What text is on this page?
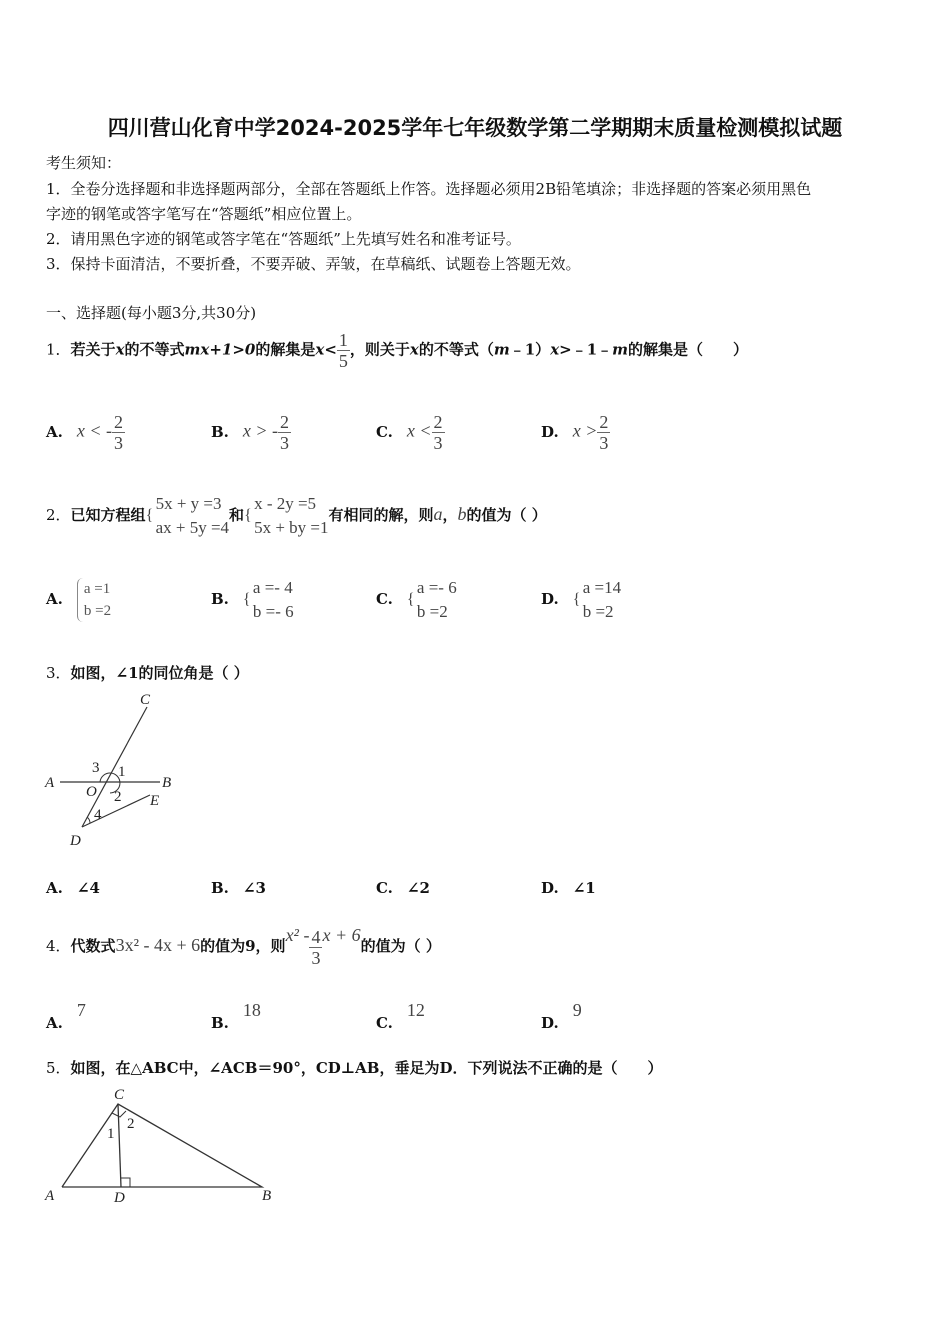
四川营山化育中学2024-2025学年七年级数学第二学期期末质量检测模拟试题
考生须知：
1．全卷分选择题和非选择题两部分，全部在答题纸上作答。选择题必须用2B铅笔填涂；非选择题的答案必须用黑色
字迹的钢笔或答字笔写在“答题纸”相应位置上。
2．请用黑色字迹的钢笔或答字笔在“答题纸”上先填写姓名和准考证号。
3．保持卡面清洁，不要折叠，不要弄破、弄皱，在草稿纸、试题卷上答题无效。
一、选择题(每小题3分,共30分)
1．若关于x的不等式mx+1>0的解集是$x< \frac{1}{5}$ ，则关于x的不等式（m﹣1）x>﹣1﹣m的解集是（　　）
A. x < - $\frac{2}{3}$	B. x > - $\frac{2}{3}$	C. $x < \frac{2}{3}$	D. $x > \frac{2}{3}$
2．已知方程组
{ 5x + y =3
ax + 5y =4
和
{ x - 2y =5
5x + by =1
有相同的解，则a，b的值为（ ）
A.
a =1
b =2
B.
{ a =- 4
b =- 6
C.
{ a =- 6
b =2
D.
{ a =14
b =2
3．如图，∠1的同位角是（ ）
C
A	B
O
E
D
1
2
3
4
A. ∠4	B. ∠3	C. ∠2	D. ∠1
4．代数式3x² - 4x + 6的值为9，则$x^2 - \frac{4}{3}$ x + 6的值为（ ）
A.7
B.18
C.12
D.9
5．如图，在△ABC中，∠ACB＝90°，CD⊥AB，垂足为D．下列说法不正确的是（　　）
C
A	B
D
1
2
